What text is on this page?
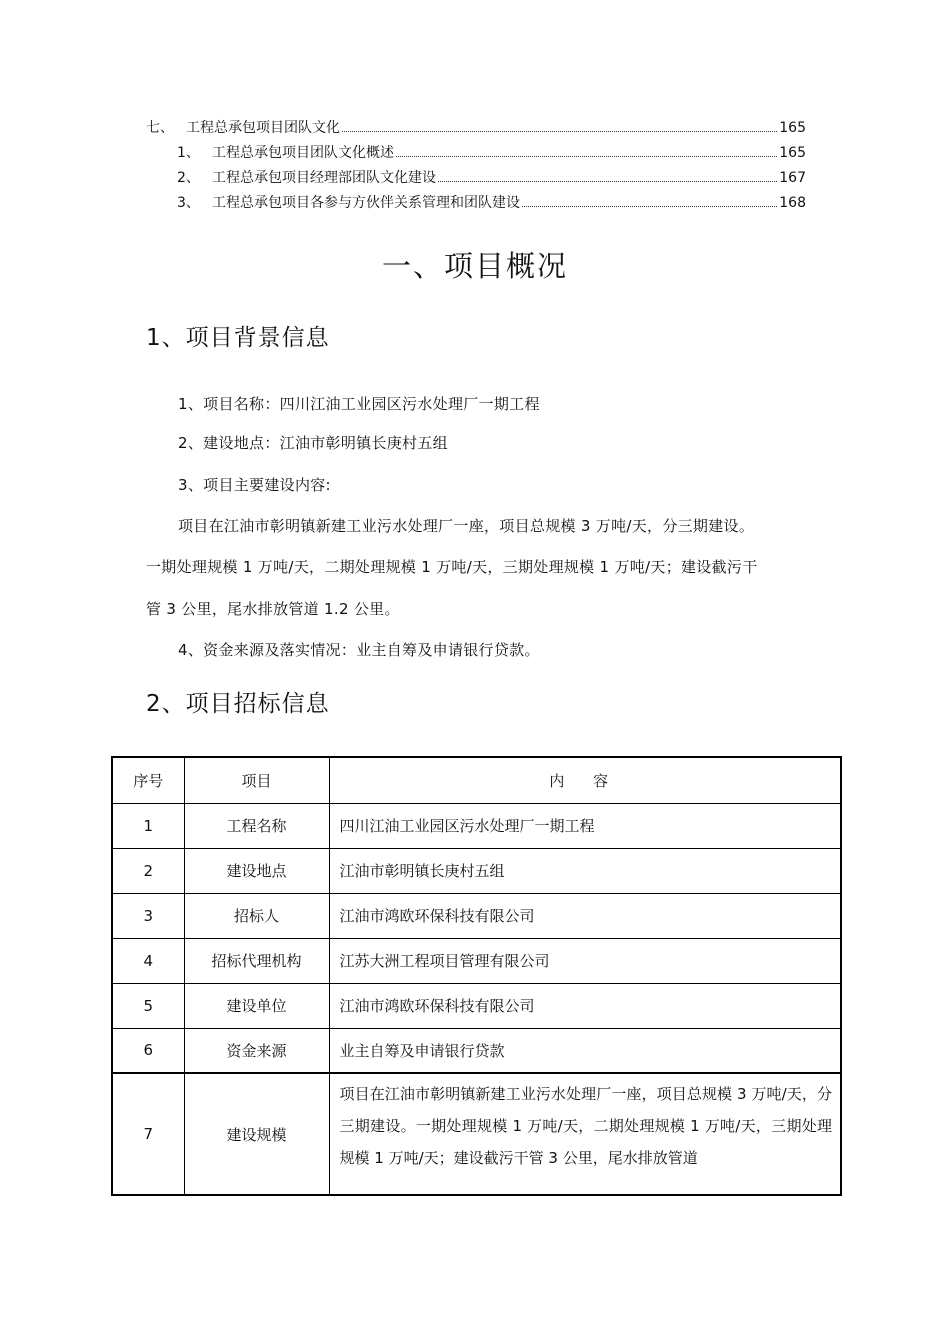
七、 工程总承包项目团队文化	165
1、 工程总承包项目团队文化概述	165
2、 工程总承包项目经理部团队文化建设	167
3、 工程总承包项目各参与方伙伴关系管理和团队建设	168
一、项目概况
1、项目背景信息
1、项目名称：四川江油工业园区污水处理厂一期工程
2、建设地点：江油市彰明镇长庚村五组
3、项目主要建设内容:
项目在江油市彰明镇新建工业污水处理厂一座，项目总规模 3 万吨/天，分三期建设。
一期处理规模 1 万吨/天，二期处理规模 1 万吨/天，三期处理规模 1 万吨/天；建设截污干
管 3 公里，尾水排放管道 1.2 公里。
4、资金来源及落实情况：业主自筹及申请银行贷款。
2、项目招标信息
序号	项目	内 容
1	工程名称	四川江油工业园区污水处理厂一期工程
2	建设地点	江油市彰明镇长庚村五组
3	招标人	江油市鸿欧环保科技有限公司
4	招标代理机构	江苏大洲工程项目管理有限公司
5	建设单位	江油市鸿欧环保科技有限公司
6	资金来源	业主自筹及申请银行贷款
7	建设规模	项目在江油市彰明镇新建工业污水处理厂一座，项目总规模 3 万吨/天，分三期建设。一期处理规模 1 万吨/天，二期处理规模 1 万吨/天，三期处理规模 1 万吨/天；建设截污干管 3 公里，尾水排放管道
